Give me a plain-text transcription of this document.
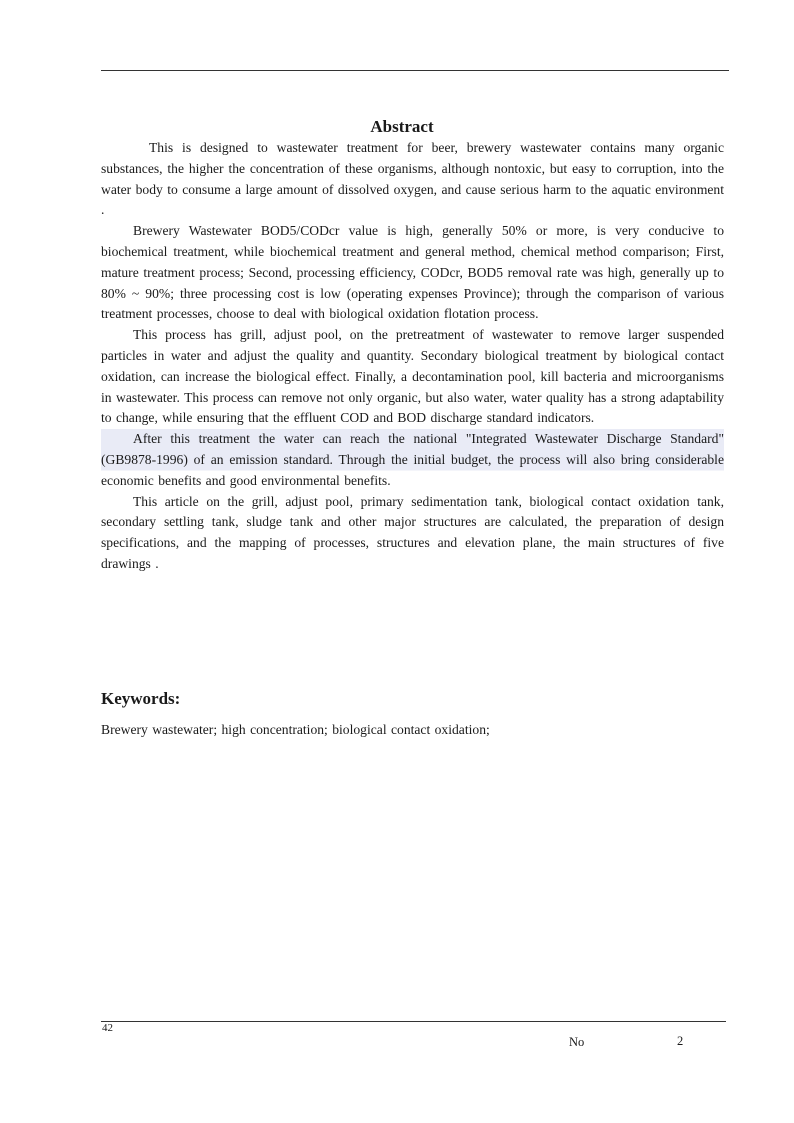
Abstract

This is designed to wastewater treatment for beer, brewery wastewater contains many organic substances, the higher the concentration of these organisms, although nontoxic, but easy to corruption, into the water body to consume a large amount of dissolved oxygen, and cause serious harm to the aquatic environment .

Brewery Wastewater BOD5/CODcr value is high, generally 50% or more, is very conducive to biochemical treatment, while biochemical treatment and general method, chemical method comparison; First, mature treatment process; Second, processing efficiency, CODcr, BOD5 removal rate was high, generally up to 80% ~ 90%; three processing cost is low (operating expenses Province); through the comparison of various treatment processes, choose to deal with biological oxidation flotation process.

This process has grill, adjust pool, on the pretreatment of wastewater to remove larger suspended particles in water and adjust the quality and quantity. Secondary biological treatment by biological contact oxidation, can increase the biological effect. Finally, a decontamination pool, kill bacteria and microorganisms in wastewater. This process can remove not only organic, but also water, water quality has a strong adaptability to change, while ensuring that the effluent COD and BOD discharge standard indicators.

After this treatment the water can reach the national "Integrated Wastewater Discharge Standard" (GB9878-1996) of an emission standard. Through the initial budget, the process will also bring considerable economic benefits and good environmental benefits.

This article on the grill, adjust pool, primary sedimentation tank, biological contact oxidation tank, secondary settling tank, sludge tank and other major structures are calculated, the preparation of design specifications, and the mapping of processes, structures and elevation plane, the main structures of five drawings .

Keywords:
Brewery wastewater; high concentration; biological contact oxidation;
42
No	2
